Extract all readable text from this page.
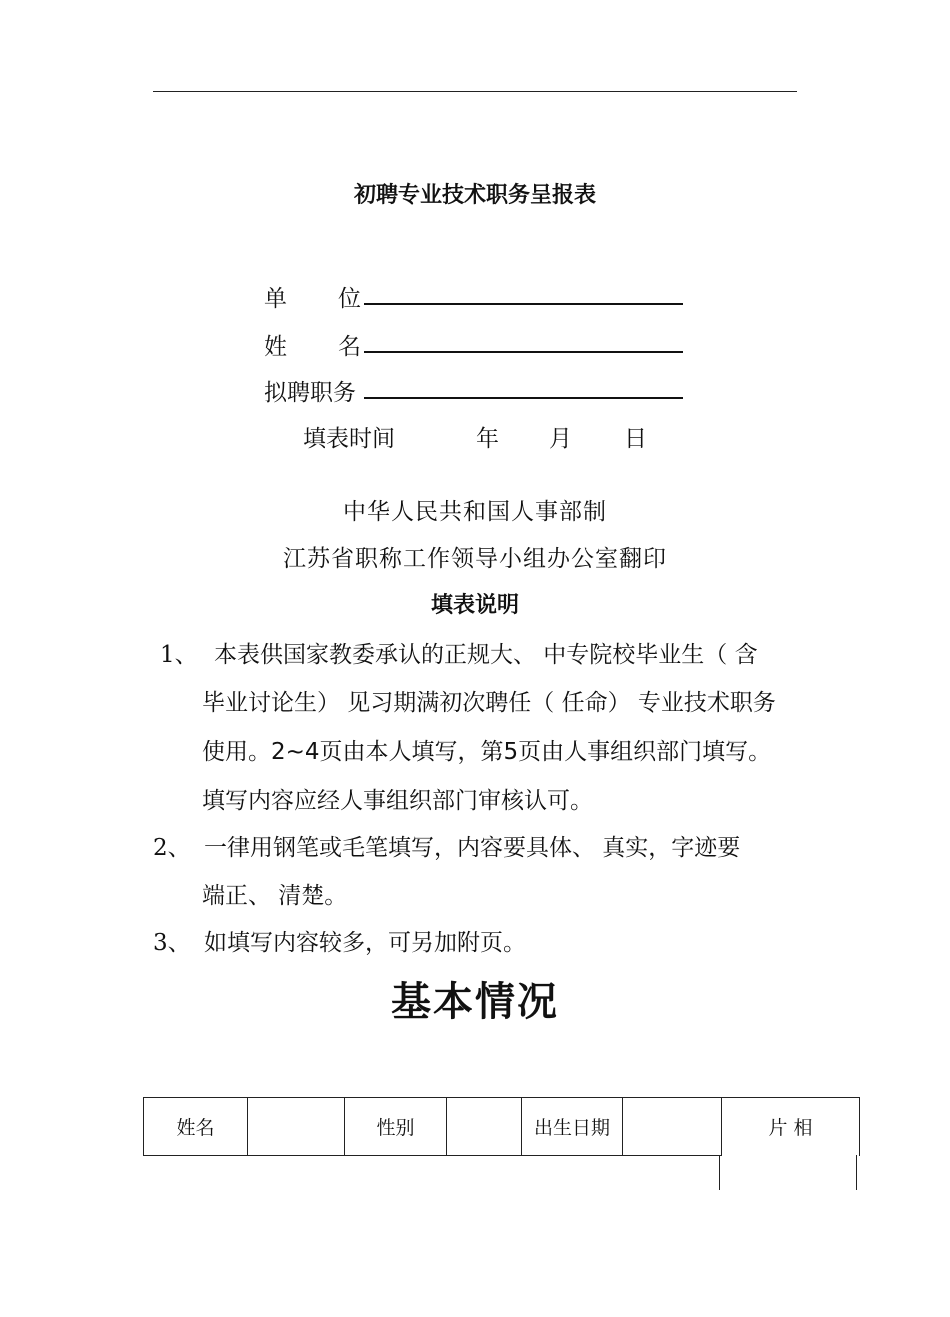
初聘专业技术职务呈报表
单 位
姓 名
拟聘职务
填表时间	年 月 日
中华人民共和国人事部制
江苏省职称工作领导小组办公室翻印
填表说明
1、 本表供国家教委承认的正规大、 中专院校毕业生（ 含
毕业讨论生） 见习期满初次聘任（ 任命） 专业技术职务
使用。2~4页由本人填写，第5页由人事组织部门填写。
填写内容应经人事组织部门审核认可。
2、 一律用钢笔或毛笔填写，内容要具体、 真实，字迹要
端正、 清楚。
3、 如填写内容较多，可另加附页。
基本情况
姓名		性别		出生日期		片 相
